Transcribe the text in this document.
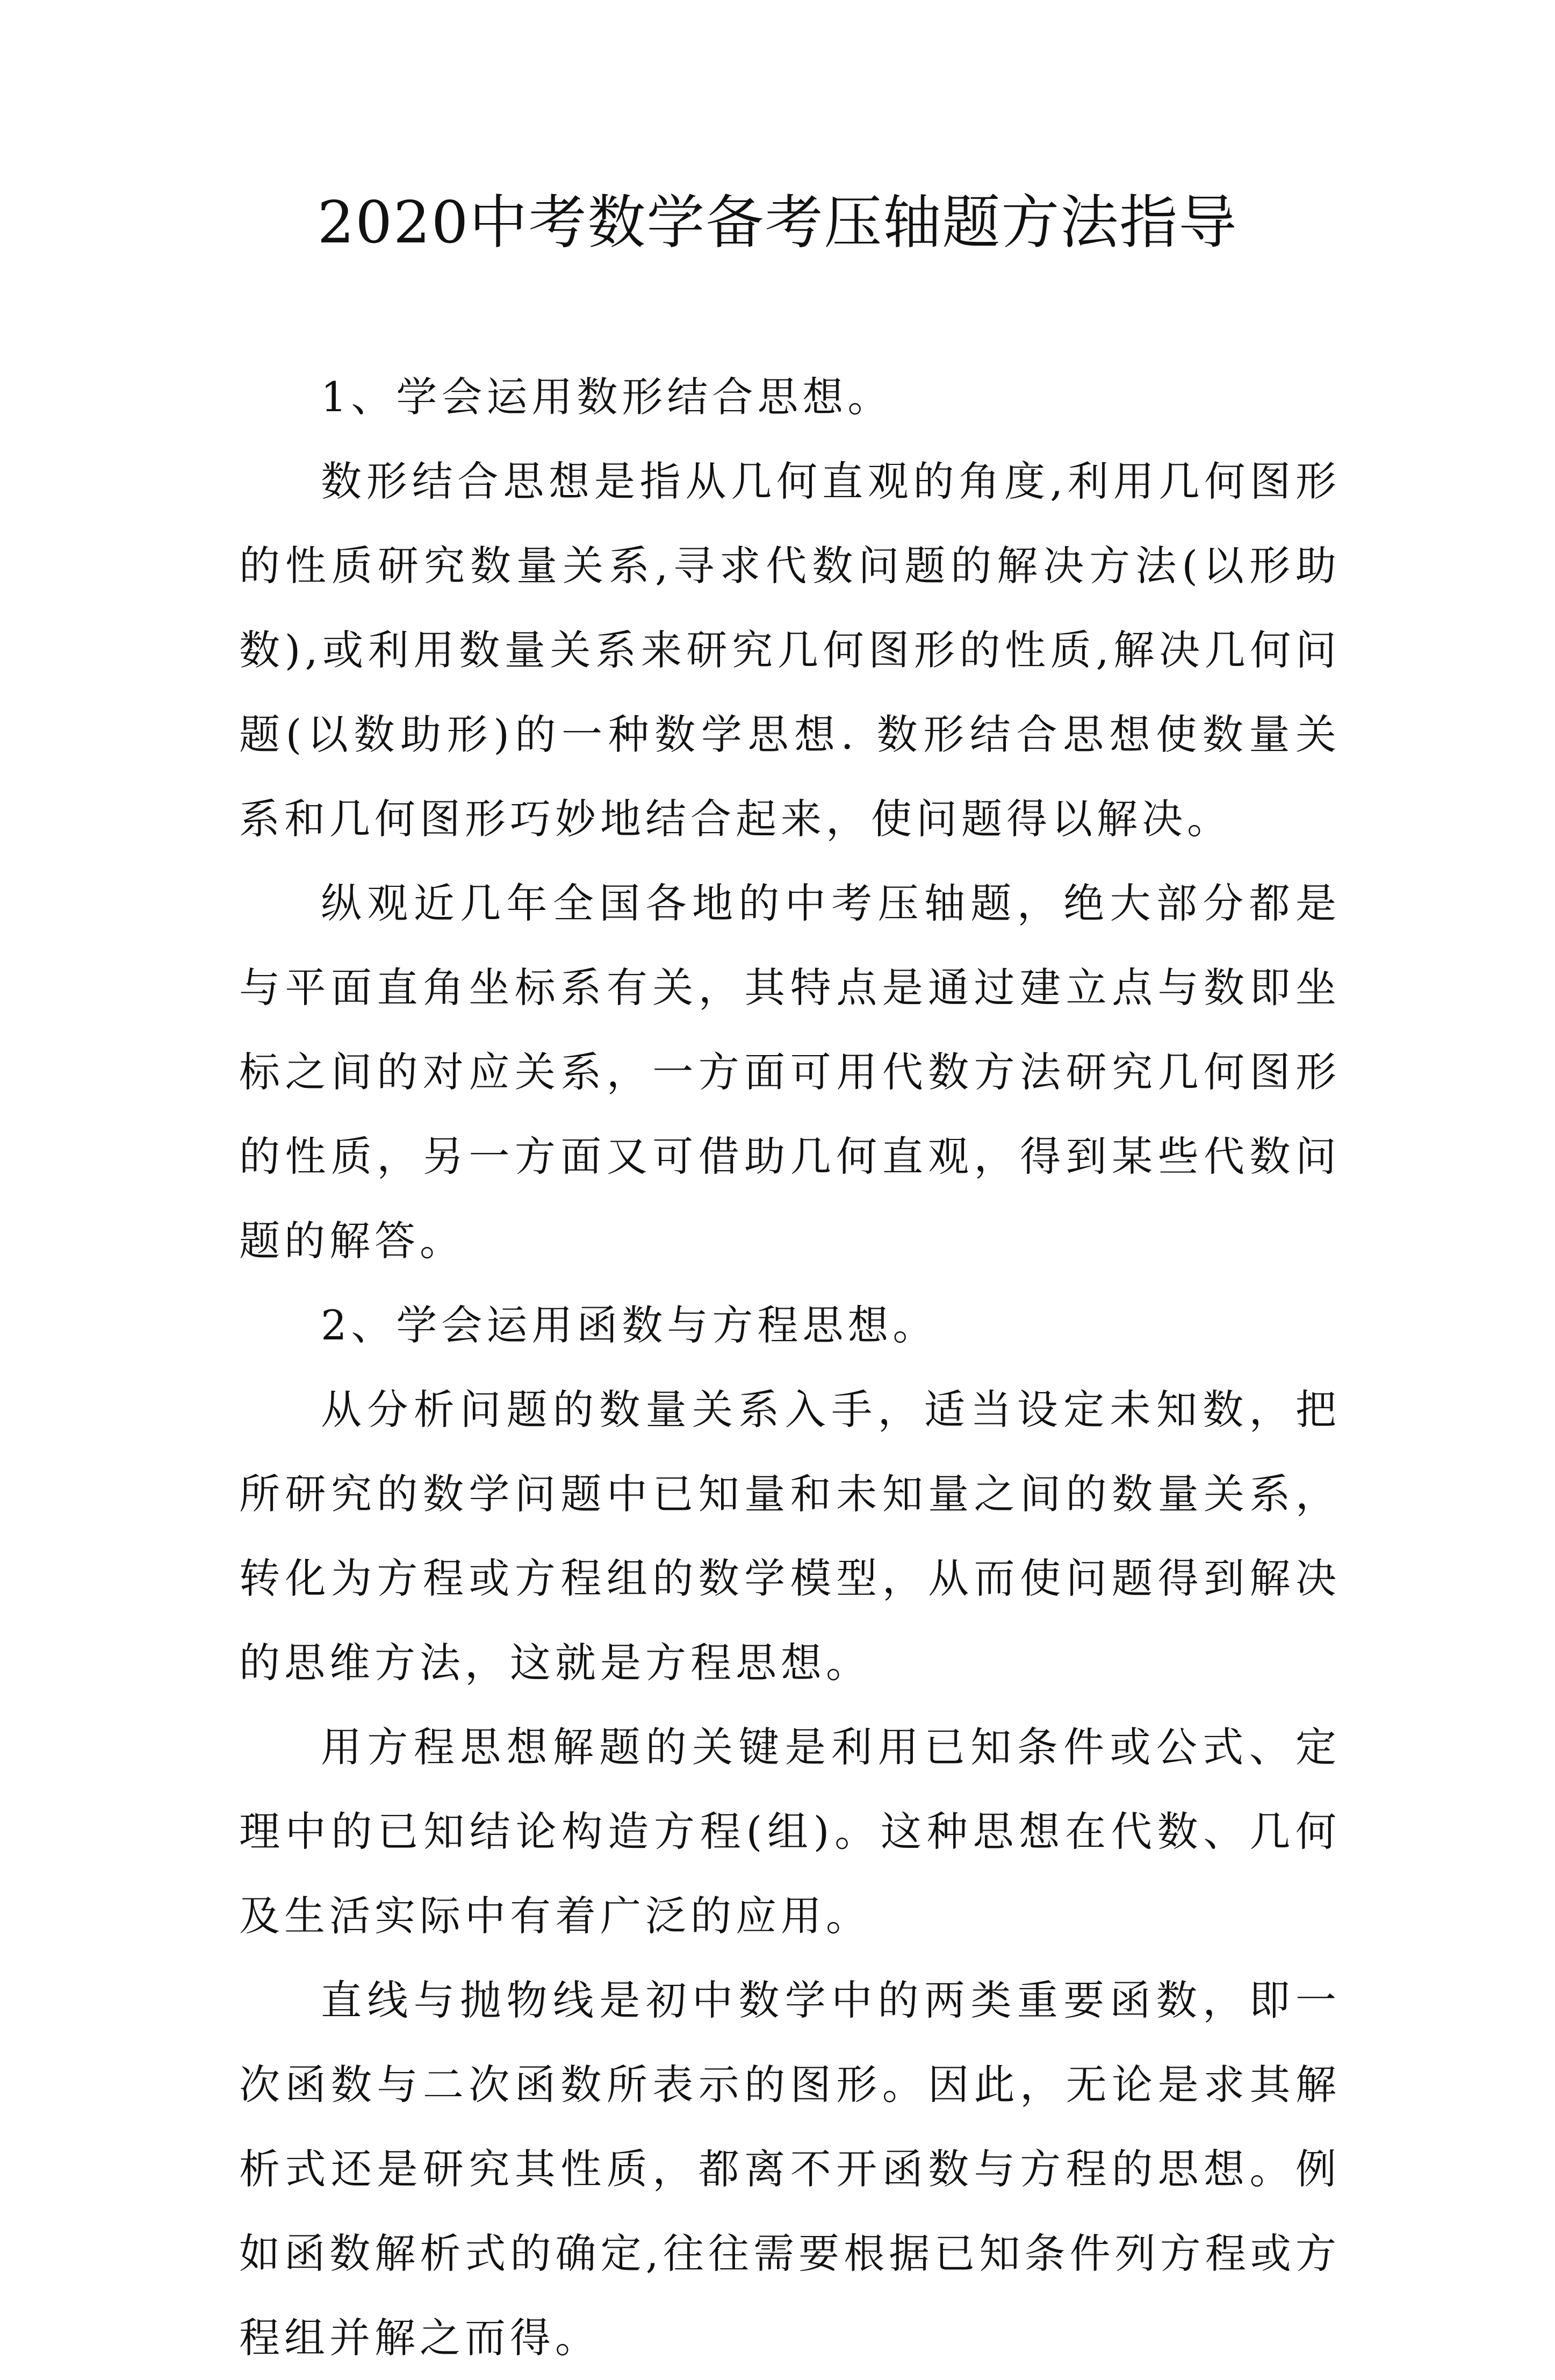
2020中考数学备考压轴题方法指导

1、学会运用数形结合思想。

数形结合思想是指从几何直观的角度,利用几何图形的性质研究数量关系,寻求代数问题的解决方法(以形助数),或利用数量关系来研究几何图形的性质,解决几何问题(以数助形)的一种数学思想. 数形结合思想使数量关系和几何图形巧妙地结合起来，使问题得以解决。

纵观近几年全国各地的中考压轴题，绝大部分都是与平面直角坐标系有关，其特点是通过建立点与数即坐标之间的对应关系，一方面可用代数方法研究几何图形的性质，另一方面又可借助几何直观，得到某些代数问题的解答。

2、学会运用函数与方程思想。

从分析问题的数量关系入手，适当设定未知数，把所研究的数学问题中已知量和未知量之间的数量关系，转化为方程或方程组的数学模型，从而使问题得到解决的思维方法，这就是方程思想。

用方程思想解题的关键是利用已知条件或公式、定理中的已知结论构造方程(组)。这种思想在代数、几何及生活实际中有着广泛的应用。

直线与抛物线是初中数学中的两类重要函数，即一次函数与二次函数所表示的图形。因此，无论是求其解析式还是研究其性质，都离不开函数与方程的思想。例如函数解析式的确定,往往需要根据已知条件列方程或方程组并解之而得。
